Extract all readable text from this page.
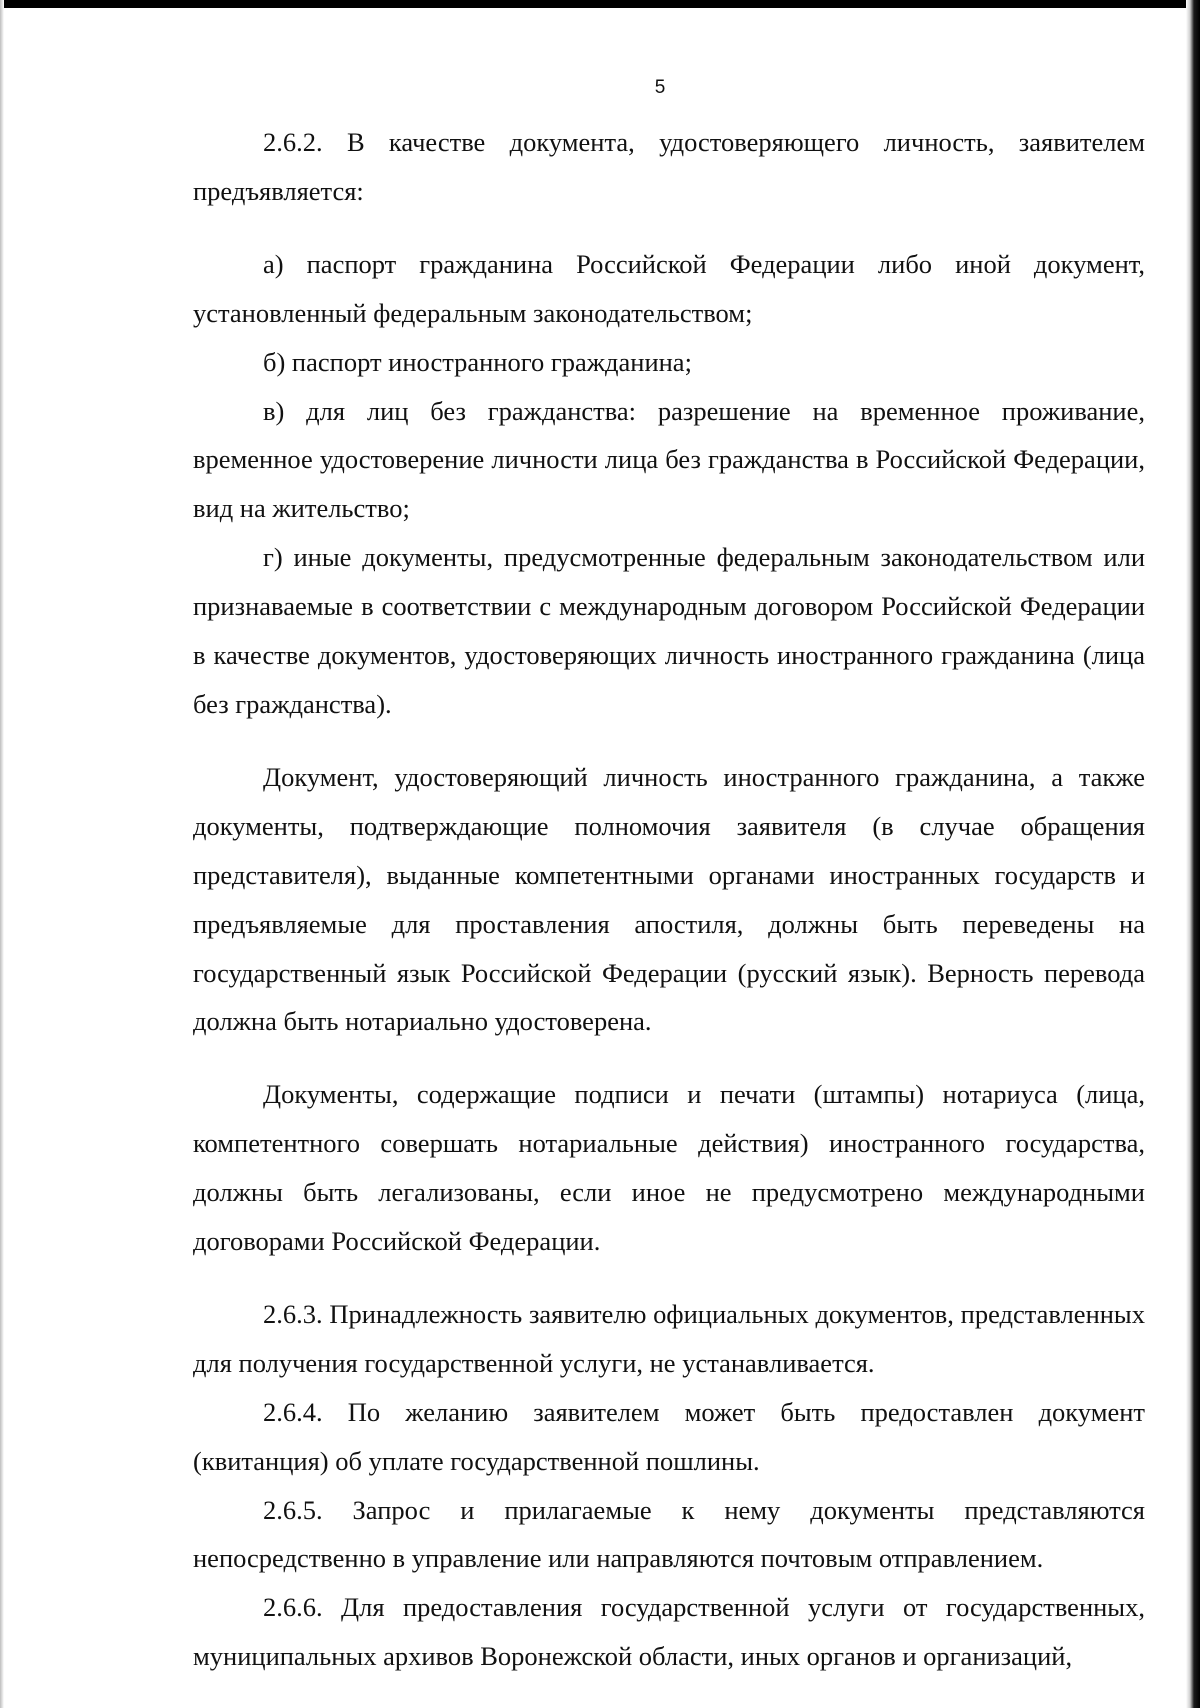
5

2.6.2. В качестве документа, удостоверяющего личность, заявителем предъявляется:

а) паспорт гражданина Российской Федерации либо иной документ, установленный федеральным законодательством;

б) паспорт иностранного гражданина;

в) для лиц без гражданства: разрешение на временное проживание, временное удостоверение личности лица без гражданства в Российской Федерации, вид на жительство;

г) иные документы, предусмотренные федеральным законодательством или признаваемые в соответствии с международным договором Российской Федерации в качестве документов, удостоверяющих личность иностранного гражданина (лица без гражданства).

Документ, удостоверяющий личность иностранного гражданина, а также документы, подтверждающие полномочия заявителя (в случае обращения представителя), выданные компетентными органами иностранных государств и предъявляемые для проставления апостиля, должны быть переведены на государственный язык Российской Федерации (русский язык). Верность перевода должна быть нотариально удостоверена.

Документы, содержащие подписи и печати (штампы) нотариуса (лица, компетентного совершать нотариальные действия) иностранного государства, должны быть легализованы, если иное не предусмотрено международными договорами Российской Федерации.

2.6.3. Принадлежность заявителю официальных документов, представленных для получения государственной услуги, не устанавливается.

2.6.4. По желанию заявителем может быть предоставлен документ (квитанция) об уплате государственной пошлины.

2.6.5. Запрос и прилагаемые к нему документы представляются непосредственно в управление или направляются почтовым отправлением.

2.6.6. Для предоставления государственной услуги от государственных, муниципальных архивов Воронежской области, иных органов и организаций,
